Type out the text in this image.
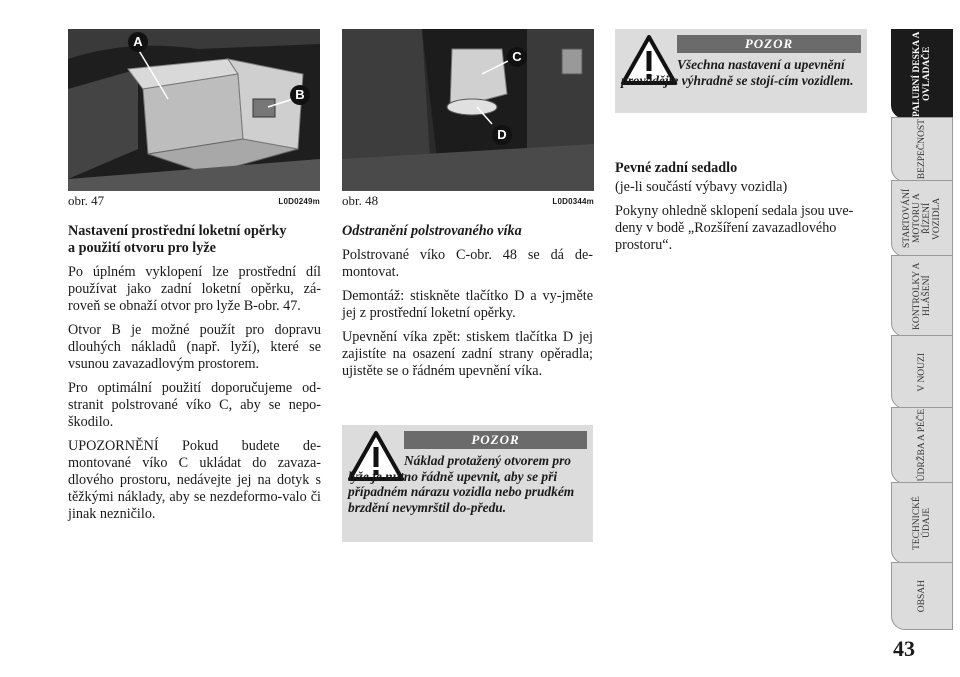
A
B
obr. 47	L0D0249m
C
D
obr. 48	L0D0344m

Nastavení prostřední loketní opěrky

a použití otvoru pro lyže

Po úplném vyklopení lze prostřední díl používat jako zadní loketní opěrku, zá-roveň se obnaží otvor pro lyže B-obr. 47.

Otvor B je možné použít pro dopravu dlouhých nákladů (např. lyží), které se vsunou zavazadlovým prostorem.

Pro optimální použití doporučujeme od-stranit polstrované víko C, aby se nepo-škodilo.

UPOZORNĚNÍ Pokud budete de-montované víko C ukládat do zavaza-dlového prostoru, nedávejte jej na dotyk s těžkými náklady, aby se nezdeformo-valo či jinak nezničilo.

Odstranění polstrovaného víka

Polstrované víko C-obr. 48 se dá de-montovat.

Demontáž: stiskněte tlačítko D a vy-jměte jej z prostřední loketní opěrky.

Upevnění víka zpět: stiskem tlačítka D jej zajistíte na osazení zadní strany opěradla; ujistěte se o řádném upevnění víka.

POZOR
Náklad protažený otvorem pro lyže je nutno řádně upevnit, aby se při případném nárazu vozidla nebo prudkém brzdění nevymrštil do-předu.
POZOR
Všechna nastavení a upevnění provádějte výhradně se stojí-cím vozidlem.

Pevné zadní sedadlo

(je-li součástí výbavy vozidla)

Pokyny ohledně sklopení sedala jsou uve-deny v bodě „Rozšíření zavazadlového prostoru“.

PALUBNÍ DESKA A OVLADAČE
BEZPEČNOST
STARTOVÁNÍ MOTORU A ŘÍZENÍ VOZIDLA
KONTROLKY A HLÁŠENÍ
V NOUZI
ÚDRŽBA A PÉČE
TECHNICKÉ ÚDAJE
OBSAH
43
